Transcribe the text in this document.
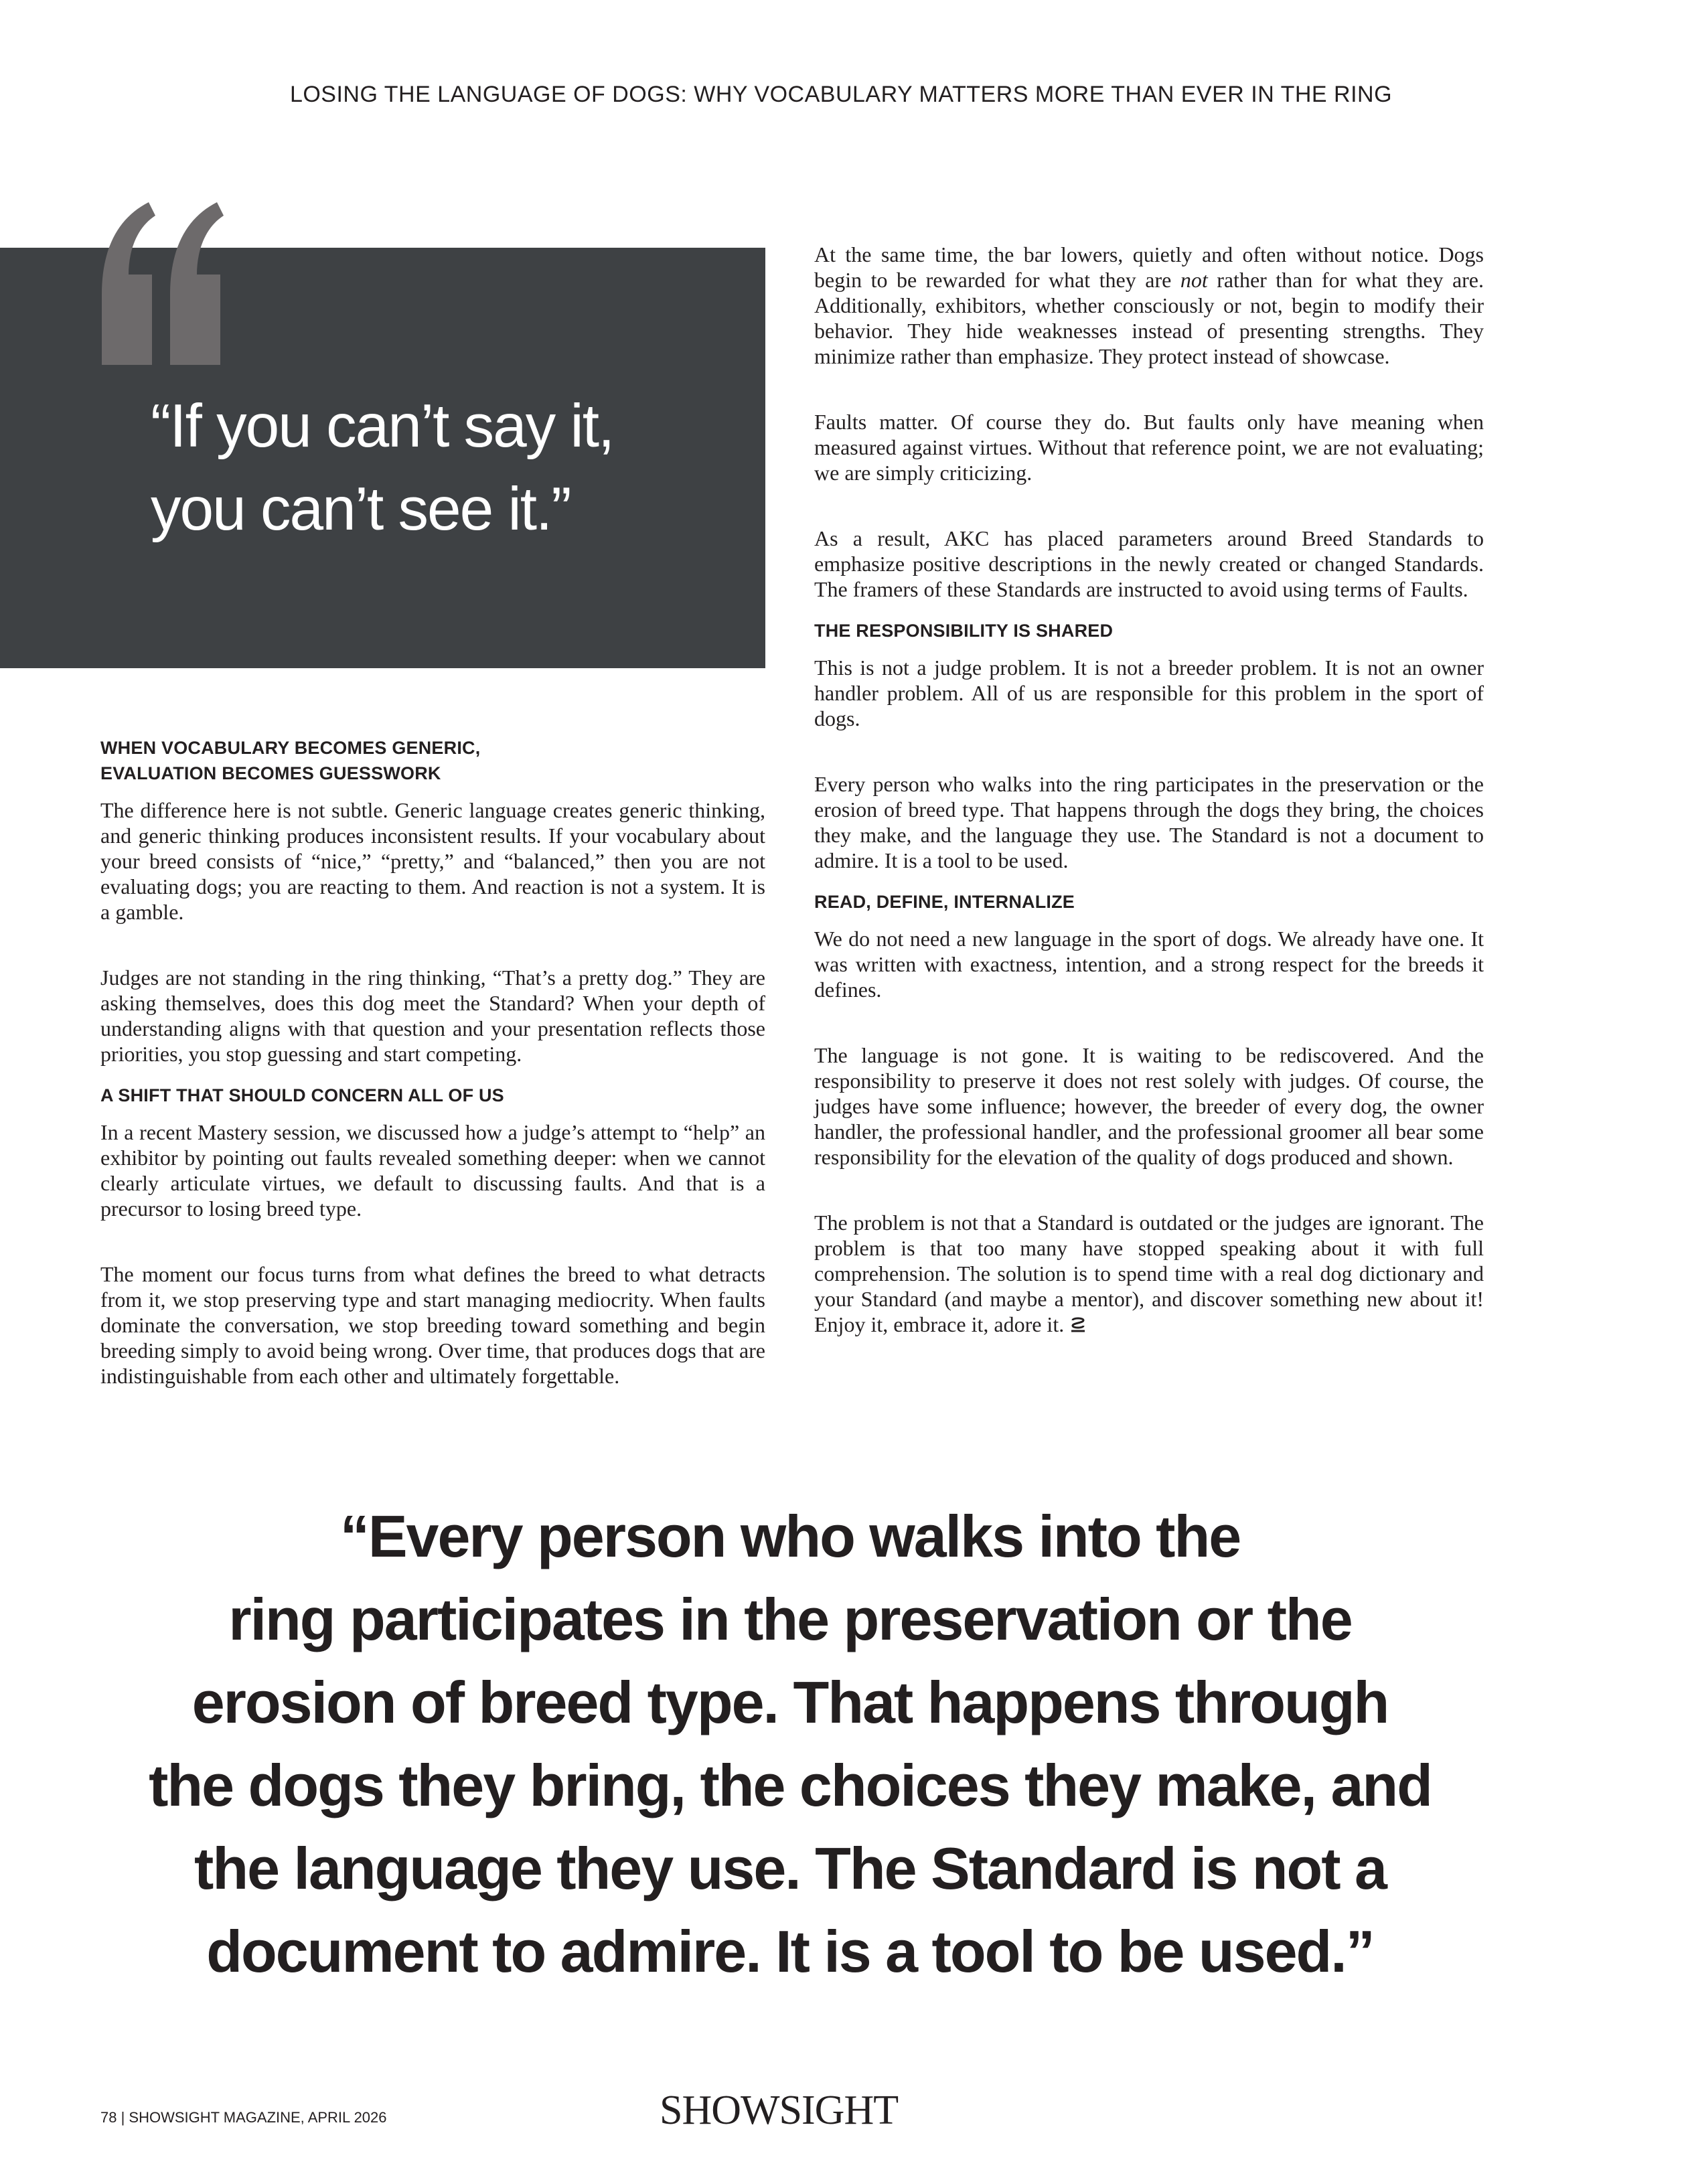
LOSING THE LANGUAGE OF DOGS: WHY VOCABULARY MATTERS MORE THAN EVER IN THE RING
“If you can’t say it,
you can’t see it.”

At the same time, the bar lowers, quietly and often without notice. Dogs begin to be rewarded for what they are not rather than for what they are. Additionally, exhibitors, whether consciously or not, begin to modify their behavior. They hide weaknesses instead of presenting strengths. They minimize rather than emphasize. They protect instead of showcase.

Faults matter. Of course they do. But faults only have meaning when measured against virtues. Without that reference point, we are not evaluating; we are simply criticizing.

As a result, AKC has placed parameters around Breed Standards to emphasize positive descriptions in the newly created or changed Standards. The framers of these Standards are instructed to avoid using terms of Faults.

THE RESPONSIBILITY IS SHARED

This is not a judge problem. It is not a breeder problem. It is not an owner handler problem. All of us are responsible for this problem in the sport of dogs.

Every person who walks into the ring participates in the preservation or the erosion of breed type. That happens through the dogs they bring, the choices they make, and the language they use. The Standard is not a document to admire. It is a tool to be used.

READ, DEFINE, INTERNALIZE

We do not need a new language in the sport of dogs. We already have one. It was written with exactness, intention, and a strong respect for the breeds it defines.

The language is not gone. It is waiting to be rediscovered. And the responsibility to preserve it does not rest solely with judges. Of course, the judges have some influence; however, the breeder of every dog, the owner handler, the professional handler, and the professional groomer all bear some responsibility for the elevation of the quality of dogs produced and shown.

The problem is not that a Standard is outdated or the judges are ignorant. The problem is that too many have stopped speaking about it with full comprehension. The solution is to spend time with a real dog dictionary and your Standard (and maybe a mentor), and discover something new about it! Enjoy it, embrace it, adore it.

WHEN VOCABULARY BECOMES GENERIC,
EVALUATION BECOMES GUESSWORK

The difference here is not subtle. Generic language creates generic thinking, and generic thinking produces inconsistent results. If your vocabulary about your breed consists of “nice,” “pretty,” and “balanced,” then you are not evaluating dogs; you are reacting to them. And reaction is not a system. It is a gamble.

Judges are not standing in the ring thinking, “That’s a pretty dog.” They are asking themselves, does this dog meet the Standard? When your depth of understanding aligns with that question and your presentation reflects those priorities, you stop guessing and start competing.

A SHIFT THAT SHOULD CONCERN ALL OF US

In a recent Mastery session, we discussed how a judge’s attempt to “help” an exhibitor by pointing out faults revealed something deeper: when we cannot clearly articulate virtues, we default to discussing faults. And that is a precursor to losing breed type.

The moment our focus turns from what defines the breed to what detracts from it, we stop preserving type and start managing mediocrity. When faults dominate the conversation, we stop breeding toward something and begin breeding simply to avoid being wrong. Over time, that produces dogs that are indistinguishable from each other and ultimately forgettable.

“Every person who walks into the
ring participates in the preservation or the
erosion of breed type. That happens through
the dogs they bring, the choices they make, and
the language they use. The Standard is not a
document to admire. It is a tool to be used.”
78 | SHOWSIGHT MAGAZINE, APRIL 2026	SHOWSIGHT
